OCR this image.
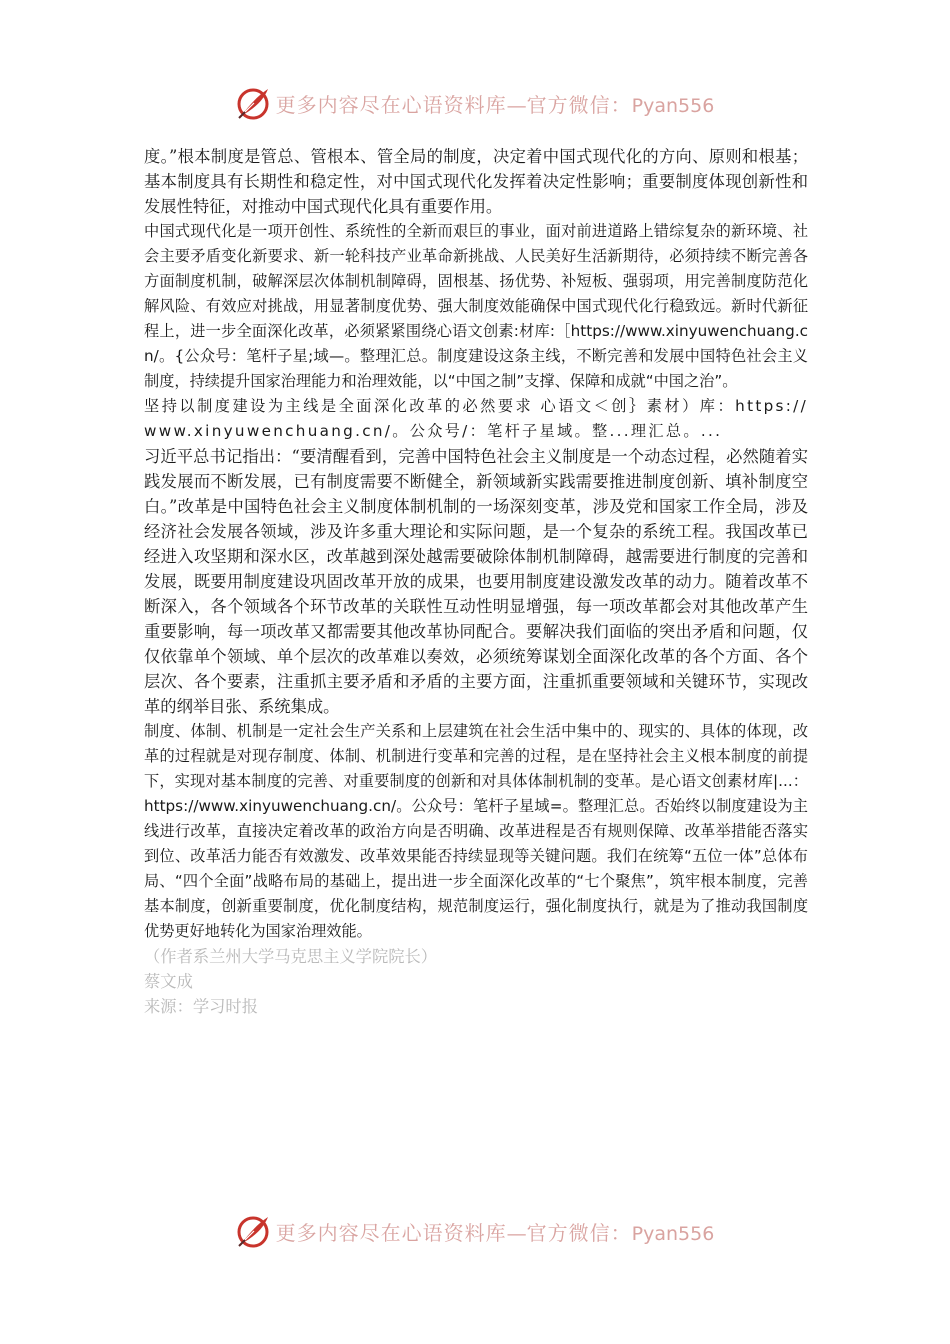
更多内容尽在心语资料库—官方微信：Pyan556

度。”根本制度是管总、管根本、管全局的制度，决定着中国式现代化的方向、原则和根基；基本制度具有长期性和稳定性，对中国式现代化发挥着决定性影响；重要制度体现创新性和发展性特征，对推动中国式现代化具有重要作用。

中国式现代化是一项开创性、系统性的全新而艰巨的事业，面对前进道路上错综复杂的新环境、社会主要矛盾变化新要求、新一轮科技产业革命新挑战、人民美好生活新期待，必须持续不断完善各方面制度机制，破解深层次体制机制障碍，固根基、扬优势、补短板、强弱项，用完善制度防范化解风险、有效应对挑战，用显著制度优势、强大制度效能确保中国式现代化行稳致远。新时代新征程上，进一步全面深化改革，必须紧紧围绕心语文创素:材库:［https://www.xinyuwenchuang.cn/。{公众号：笔杆子星;域—。整理汇总。制度建设这条主线，不断完善和发展中国特色社会主义制度，持续提升国家治理能力和治理效能，以“中国之制”支撑、保障和成就“中国之治”。

坚持以制度建设为主线是全面深化改革的必然要求 心语文＜创｝素材）库：https://www.xinyuwenchuang.cn/。公众号/：笔杆子星域。整...理汇总。...

习近平总书记指出：“要清醒看到，完善中国特色社会主义制度是一个动态过程，必然随着实践发展而不断发展，已有制度需要不断健全，新领域新实践需要推进制度创新、填补制度空白。”改革是中国特色社会主义制度体制机制的一场深刻变革，涉及党和国家工作全局，涉及经济社会发展各领域，涉及许多重大理论和实际问题，是一个复杂的系统工程。我国改革已经进入攻坚期和深水区，改革越到深处越需要破除体制机制障碍，越需要进行制度的完善和发展，既要用制度建设巩固改革开放的成果，也要用制度建设激发改革的动力。随着改革不断深入，各个领域各个环节改革的关联性互动性明显增强，每一项改革都会对其他改革产生重要影响，每一项改革又都需要其他改革协同配合。要解决我们面临的突出矛盾和问题，仅仅依靠单个领域、单个层次的改革难以奏效，必须统筹谋划全面深化改革的各个方面、各个层次、各个要素，注重抓主要矛盾和矛盾的主要方面，注重抓重要领域和关键环节，实现改革的纲举目张、系统集成。

制度、体制、机制是一定社会生产关系和上层建筑在社会生活中集中的、现实的、具体的体现，改革的过程就是对现存制度、体制、机制进行变革和完善的过程，是在坚持社会主义根本制度的前提下，实现对基本制度的完善、对重要制度的创新和对具体体制机制的变革。是心语文创素材库|...：https://www.xinyuwenchuang.cn/。公众号：笔杆子星域=。整理汇总。否始终以制度建设为主线进行改革，直接决定着改革的政治方向是否明确、改革进程是否有规则保障、改革举措能否落实到位、改革活力能否有效激发、改革效果能否持续显现等关键问题。我们在统筹“五位一体”总体布局、“四个全面”战略布局的基础上，提出进一步全面深化改革的“七个聚焦”，筑牢根本制度，完善基本制度，创新重要制度，优化制度结构，规范制度运行，强化制度执行，就是为了推动我国制度优势更好地转化为国家治理效能。

（作者系兰州大学马克思主义学院院长）

蔡文成

来源：学习时报

更多内容尽在心语资料库—官方微信：Pyan556
